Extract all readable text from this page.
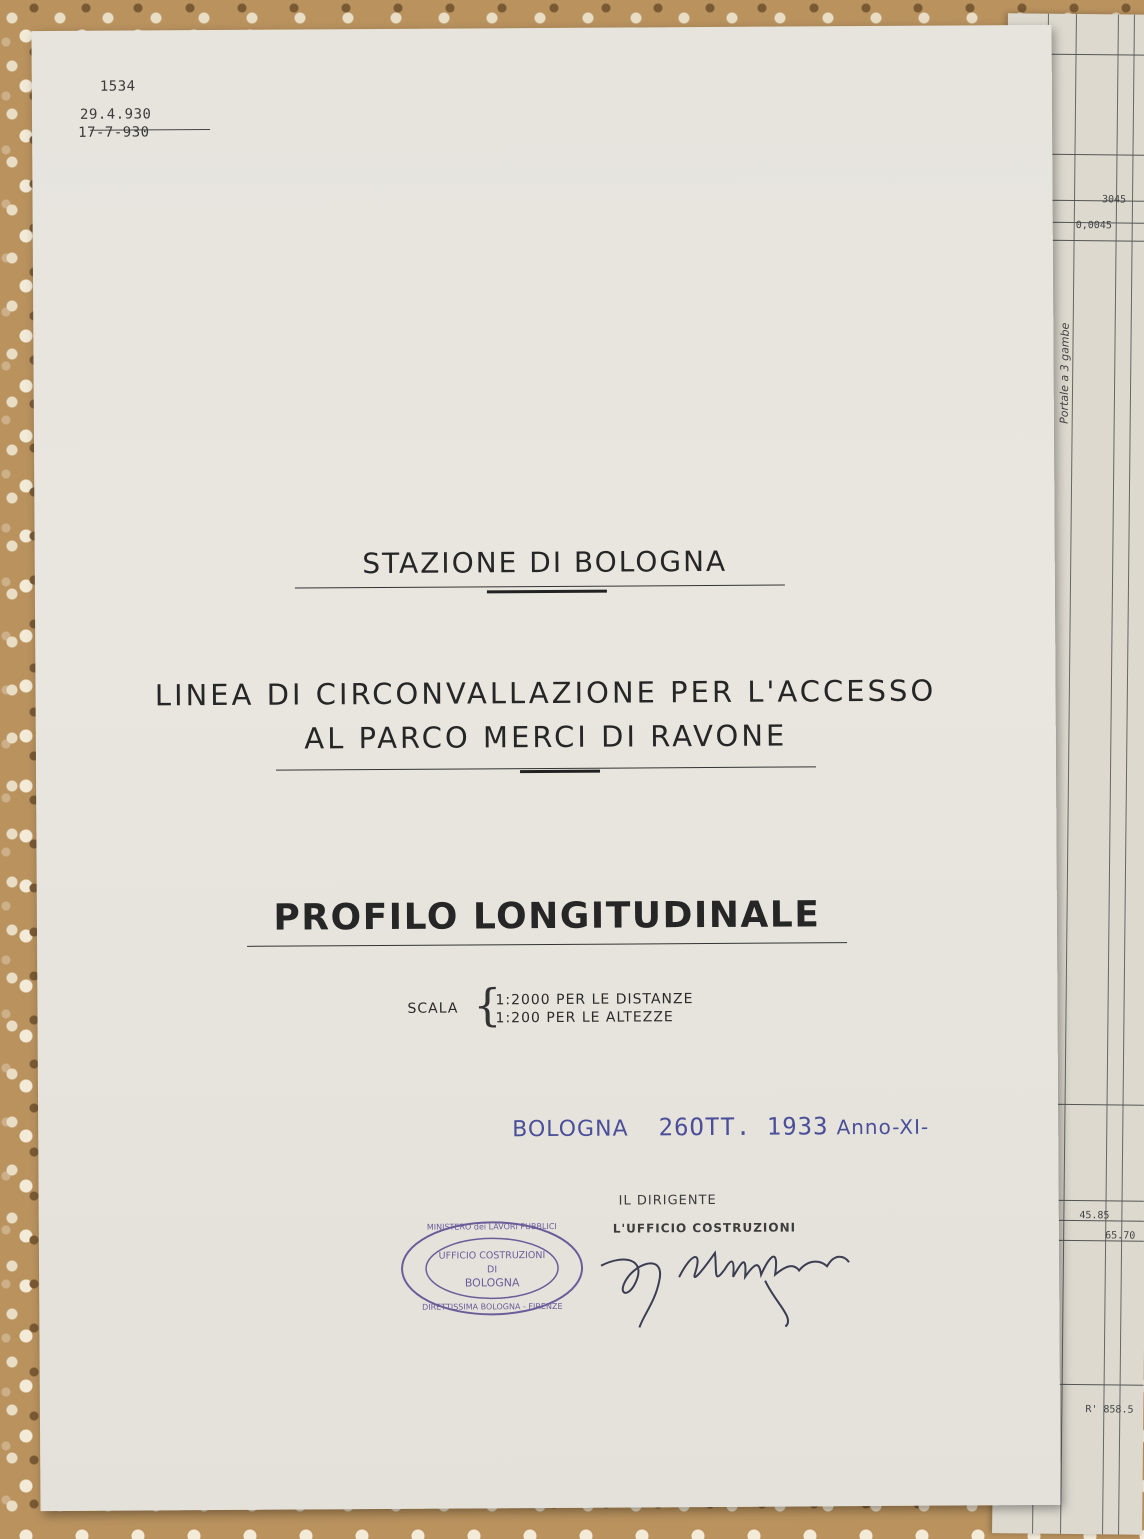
3045
0,0045
Portale a 3 gambe
45.85
65.70
R' 858.5
1534
29.4.930
17-7-930
STAZIONE DI BOLOGNA
LINEA DI CIRCONVALLAZIONE PER L'ACCESSO
AL PARCO MERCI DI RAVONE
PROFILO LONGITUDINALE
SCALA {
1:2000 PER LE DISTANZE
1:200 PER LE ALTEZZE
BOLOGNA 26OTT. 1933 Anno-XI-
IL DIRIGENTE
L'UFFICIO COSTRUZIONI
MINISTERO dei LAVORI PUBBLICI
UFFICIO COSTRUZIONI
DI
BOLOGNA
DIRETTISSIMA BOLOGNA - FIRENZE
